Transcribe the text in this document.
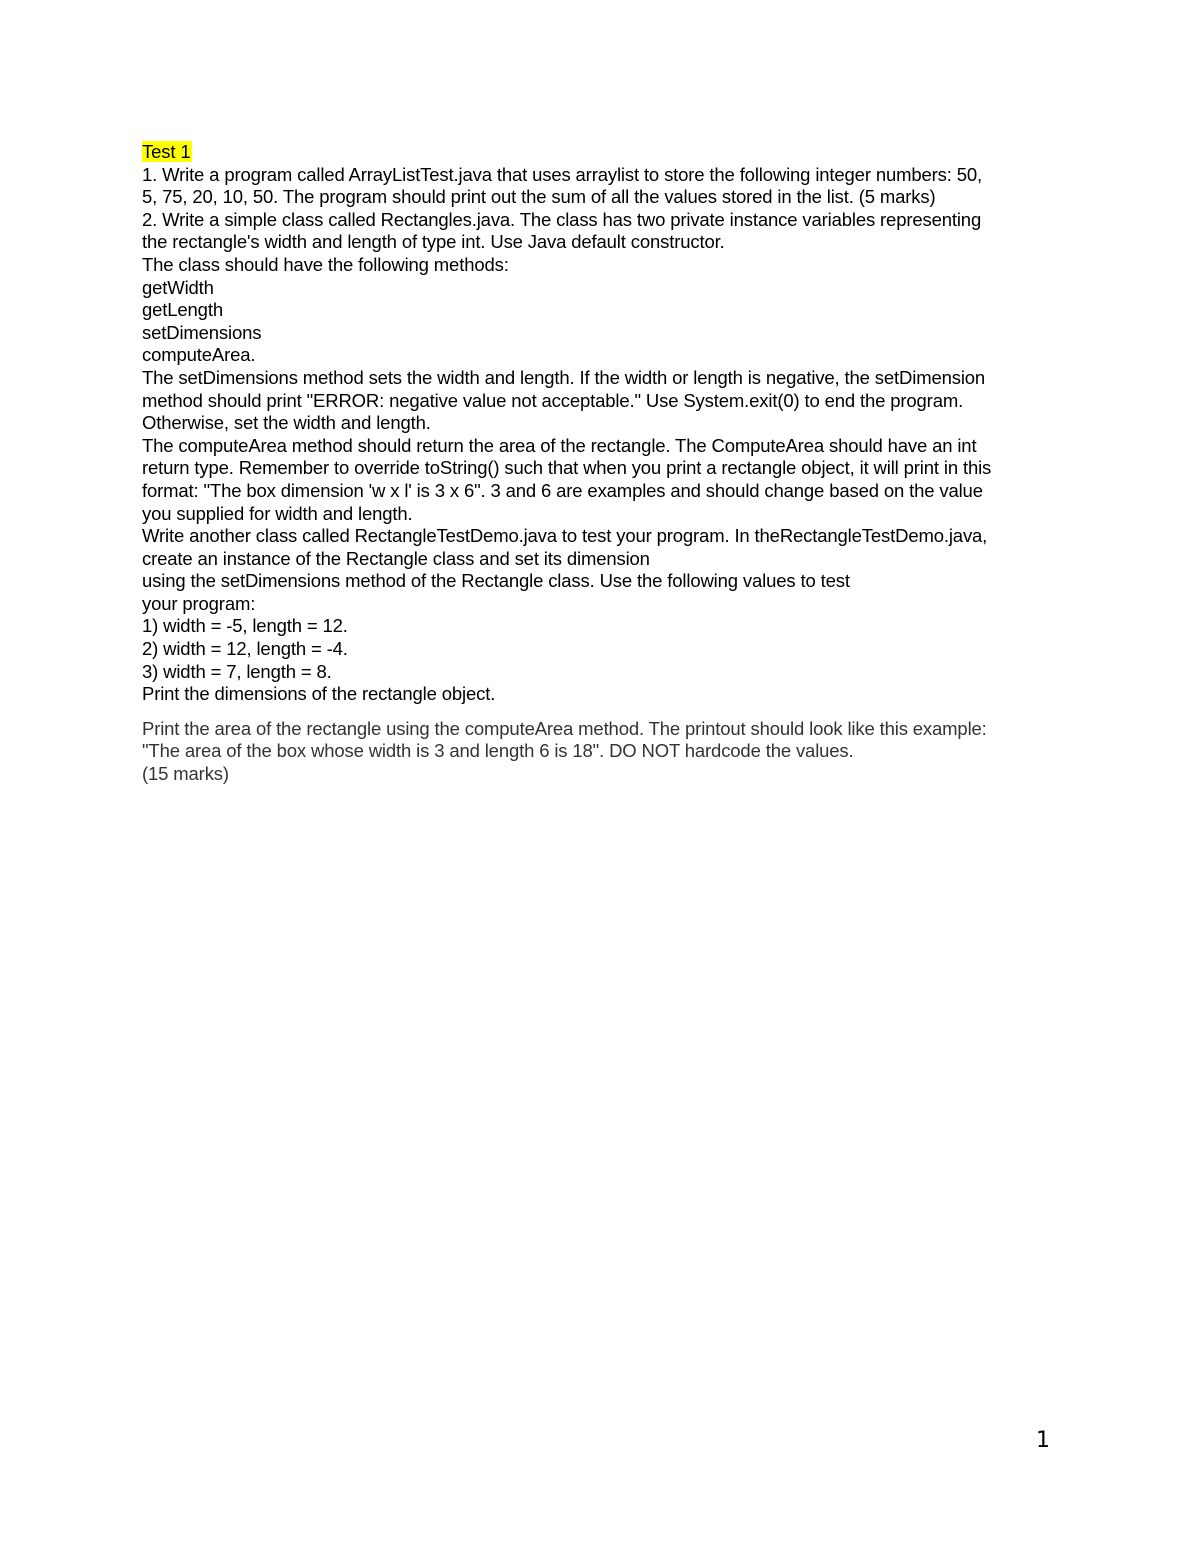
Test 1
1. Write a program called ArrayListTest.java that uses arraylist to store the following integer numbers: 50,
5, 75, 20, 10, 50. The program should print out the sum of all the values stored in the list. (5 marks)
2. Write a simple class called Rectangles.java. The class has two private instance variables representing
the rectangle's width and length of type int. Use Java default constructor.
The class should have the following methods:
getWidth
getLength
setDimensions
computeArea.
The setDimensions method sets the width and length. If the width or length is negative, the setDimension
method should print "ERROR: negative value not acceptable." Use System.exit(0) to end the program.
Otherwise, set the width and length.
The computeArea method should return the area of the rectangle. The ComputeArea should have an int
return type. Remember to override toString() such that when you print a rectangle object, it will print in this
format: "The box dimension 'w x l' is 3 x 6". 3 and 6 are examples and should change based on the value
you supplied for width and length.
Write another class called RectangleTestDemo.java to test your program. In theRectangleTestDemo.java,
create an instance of the Rectangle class and set its dimension
using the setDimensions method of the Rectangle class. Use the following values to test
your program:
1) width = -5, length = 12.
2) width = 12, length = -4.
3) width = 7, length = 8.
Print the dimensions of the rectangle object.
Print the area of the rectangle using the computeArea method. The printout should look like this example:
"The area of the box whose width is 3 and length 6 is 18". DO NOT hardcode the values.
(15 marks)
1
